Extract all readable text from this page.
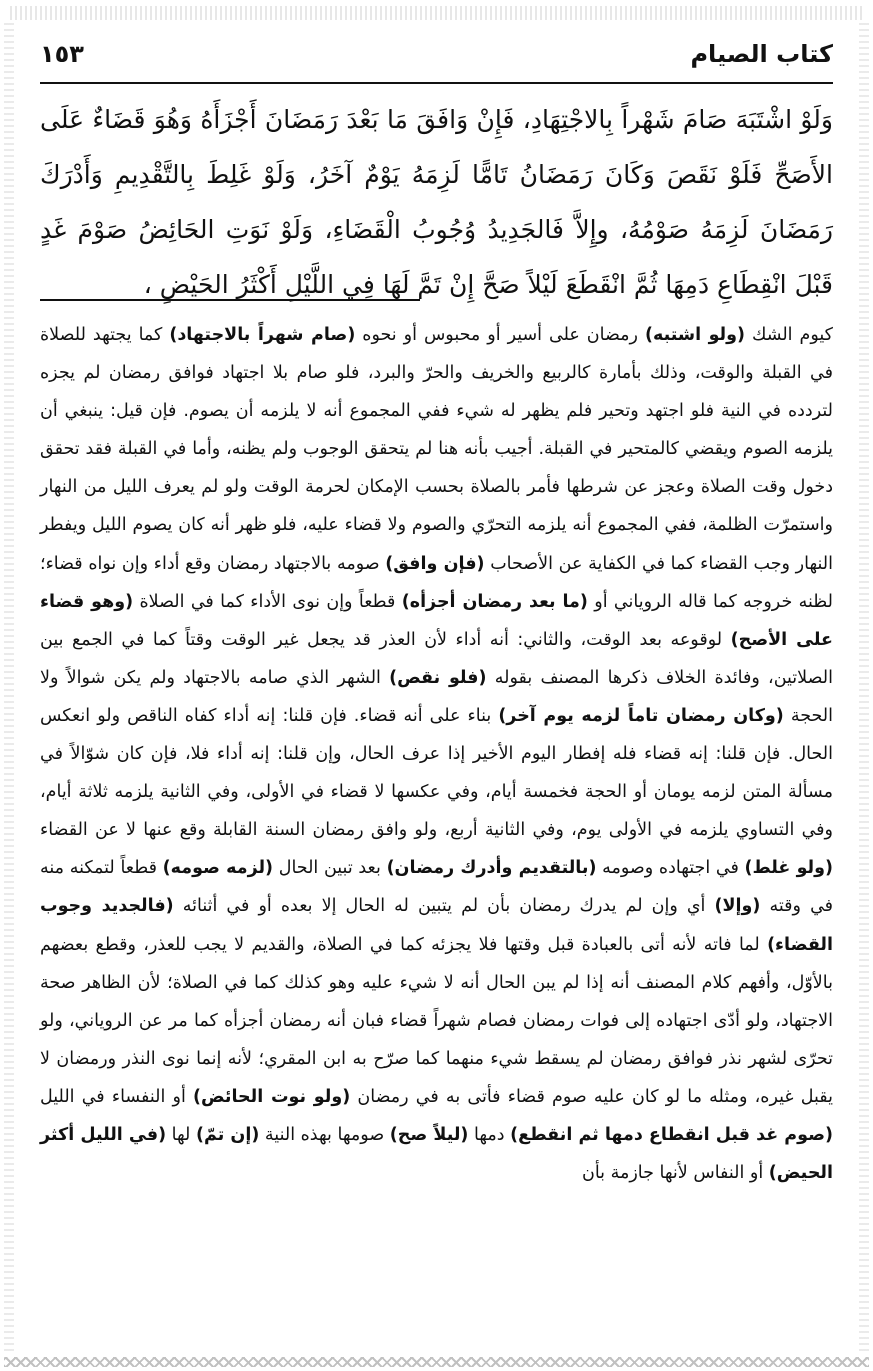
كتاب الصيام
١٥٣

وَلَوْ اشْتَبَهَ صَامَ شَهْراً بِالاجْتِهَادِ، فَإِنْ وَافَقَ مَا بَعْدَ رَمَضَانَ أَجْزَأَهُ وَهُوَ قَضَاءٌ عَلَى الأَصَحِّ فَلَوْ نَقَصَ وَكَانَ رَمَضَانُ تَامًّا لَزِمَهُ يَوْمٌ آخَرُ، وَلَوْ غَلِطَ بِالتَّقْدِيمِ وَأَدْرَكَ رَمَضَانَ لَزِمَهُ صَوْمُهُ، وإِلاَّ فَالجَدِيدُ وُجُوبُ الْقَضَاءِ، وَلَوْ نَوَتِ الحَائِضُ صَوْمَ غَدٍ قَبْلَ انْقِطَاعِ دَمِهَا ثُمَّ انْقَطَعَ لَيْلاً صَحَّ إِنْ تَمَّ لَهَا فِي اللَّيْلِ أَكْثَرُ الحَيْضِ ،

كيوم الشك (ولو اشتبه) رمضان على أسير أو محبوس أو نحوه (صام شهراً بالاجتهاد) كما يجتهد للصلاة في القبلة والوقت، وذلك بأمارة كالربيع والخريف والحرّ والبرد، فلو صام بلا اجتهاد فوافق رمضان لم يجزه لتردده في النية فلو اجتهد وتحير فلم يظهر له شيء ففي المجموع أنه لا يلزمه أن يصوم. فإن قيل: ينبغي أن يلزمه الصوم ويقضي كالمتحير في القبلة. أجيب بأنه هنا لم يتحقق الوجوب ولم يظنه، وأما في القبلة فقد تحقق دخول وقت الصلاة وعجز عن شرطها فأمر بالصلاة بحسب الإمكان لحرمة الوقت ولو لم يعرف الليل من النهار واستمرّت الظلمة، ففي المجموع أنه يلزمه التحرّي والصوم ولا قضاء عليه، فلو ظهر أنه كان يصوم الليل ويفطر النهار وجب القضاء كما في الكفاية عن الأصحاب (فإن وافق) صومه بالاجتهاد رمضان وقع أداء وإن نواه قضاء؛ لظنه خروجه كما قاله الروياني أو (ما بعد رمضان أجزأه) قطعاً وإن نوى الأداء كما في الصلاة (وهو قضاء على الأصح) لوقوعه بعد الوقت، والثاني: أنه أداء لأن العذر قد يجعل غير الوقت وقتاً كما في الجمع بين الصلاتين، وفائدة الخلاف ذكرها المصنف بقوله (فلو نقص) الشهر الذي صامه بالاجتهاد ولم يكن شوالاً ولا الحجة (وكان رمضان تاماً لزمه يوم آخر) بناء على أنه قضاء. فإن قلنا: إنه أداء كفاه الناقص ولو انعكس الحال. فإن قلنا: إنه قضاء فله إفطار اليوم الأخير إذا عرف الحال، وإن قلنا: إنه أداء فلا، فإن كان شوّالاً في مسألة المتن لزمه يومان أو الحجة فخمسة أيام، وفي عكسها لا قضاء في الأولى، وفي الثانية يلزمه ثلاثة أيام، وفي التساوي يلزمه في الأولى يوم، وفي الثانية أربع، ولو وافق رمضان السنة القابلة وقع عنها لا عن القضاء (ولو غلط) في اجتهاده وصومه (بالتقديم وأدرك رمضان) بعد تبين الحال (لزمه صومه) قطعاً لتمكنه منه في وقته (وإلا) أي وإن لم يدرك رمضان بأن لم يتبين له الحال إلا بعده أو في أثنائه (فالجديد وجوب القضاء) لما فاته لأنه أتى بالعبادة قبل وقتها فلا يجزئه كما في الصلاة، والقديم لا يجب للعذر، وقطع بعضهم بالأوّل، وأفهم كلام المصنف أنه إذا لم يبن الحال أنه لا شيء عليه وهو كذلك كما في الصلاة؛ لأن الظاهر صحة الاجتهاد، ولو أدّى اجتهاده إلى فوات رمضان فصام شهراً قضاء فبان أنه رمضان أجزأه كما مر عن الروياني، ولو تحرّى لشهر نذر فوافق رمضان لم يسقط شيء منهما كما صرّح به ابن المقري؛ لأنه إنما نوى النذر ورمضان لا يقبل غيره، ومثله ما لو كان عليه صوم قضاء فأتى به في رمضان (ولو نوت الحائض) أو النفساء في الليل (صوم غد قبل انقطاع دمها ثم انقطع) دمها (ليلاً صح) صومها بهذه النية (إن تمّ) لها (في الليل أكثر الحيض) أو النفاس لأنها جازمة بأن
